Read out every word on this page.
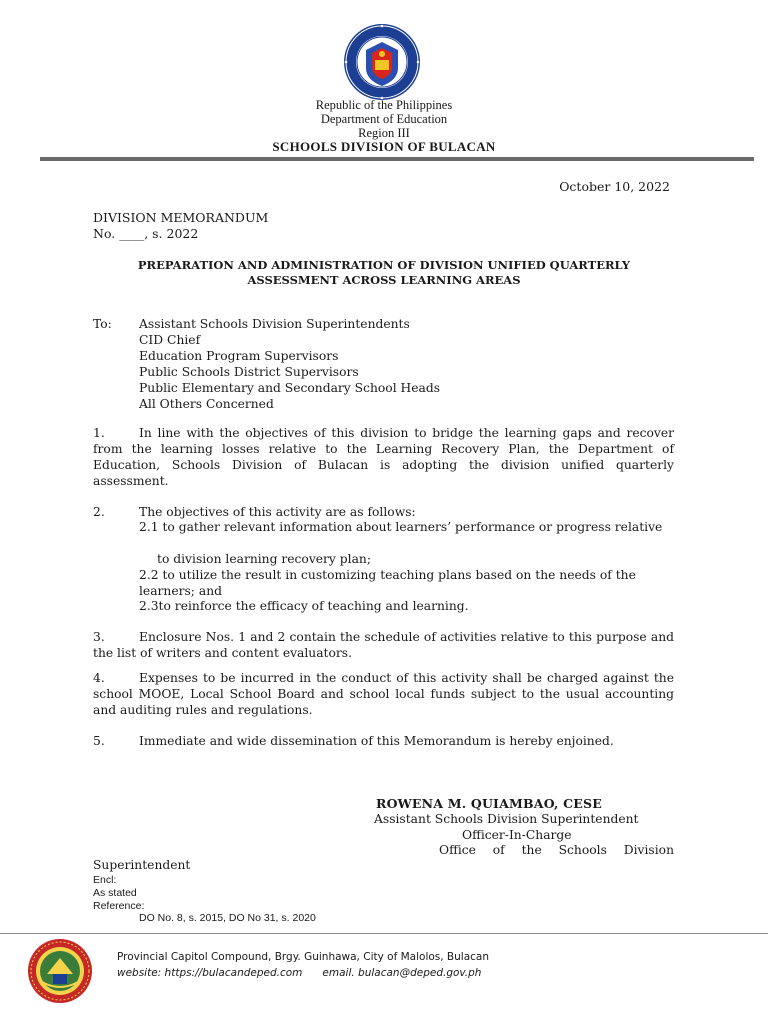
Republic of the Philippines
Department of Education
Region III
SCHOOLS DIVISION OF BULACAN
October 10, 2022
DIVISION MEMORANDUM
No. ____, s. 2022
PREPARATION AND ADMINISTRATION OF DIVISION UNIFIED QUARTERLY
ASSESSMENT ACROSS LEARNING AREAS
To: Assistant Schools Division Superintendents
CID Chief
Education Program Supervisors
Public Schools District Supervisors
Public Elementary and Secondary School Heads
All Others Concerned
1.	In line with the objectives of this division to bridge the learning gaps and recover from the learning losses relative to the Learning Recovery Plan, the Department of Education, Schools Division of Bulacan is adopting the division unified quarterly assessment.
2.	The objectives of this activity are as follows:
2.1 to gather relevant information about learners’ performance or progress relative
to division learning recovery plan;
2.2 to utilize the result in customizing teaching plans based on the needs of the learners; and
2.3to reinforce the efficacy of teaching and learning.
3.	Enclosure Nos. 1 and 2 contain the schedule of activities relative to this purpose and the list of writers and content evaluators.
4.	Expenses to be incurred in the conduct of this activity shall be charged against the school MOOE, Local School Board and school local funds subject to the usual accounting and auditing rules and regulations.
5.	Immediate and wide dissemination of this Memorandum is hereby enjoined.
ROWENA M. QUIAMBAO, CESE
Assistant Schools Division Superintendent
Officer-In-Charge
Office of the Schools Division
Superintendent
Encl:
As stated
Reference:
DO No. 8, s. 2015, DO No 31, s. 2020
Provincial Capitol Compound, Brgy. Guinhawa, City of Malolos, Bulacan
website: https://bulacandeped.com email. bulacan@deped.gov.ph
